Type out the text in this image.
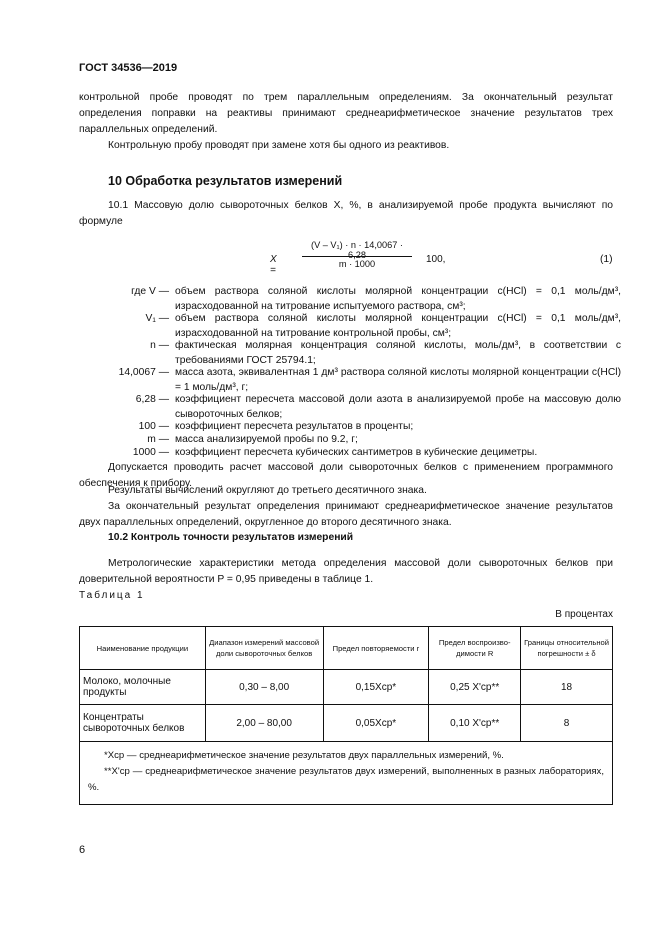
ГОСТ 34536—2019
контрольной пробе проводят по трем параллельным определениям. За окончательный результат определения поправки на реактивы принимают среднеарифметическое значение результатов трех параллельных определений.
Контрольную пробу проводят при замене хотя бы одного из реактивов.
10 Обработка результатов измерений
10.1 Массовую долю сывороточных белков X, %, в анализируемой пробе продукта вычисляют по формуле
X =
(V – V₁) · n · 14,0067 · 6,28
m · 1000	100,	(1)
где V — объем раствора соляной кислоты молярной концентрации c(HCl) = 0,1 моль/дм³, израсходованной на титрование испытуемого раствора, см³;
V₁ — объем раствора соляной кислоты молярной концентрации c(HCl) = 0,1 моль/дм³, израсходованной на титрование контрольной пробы, см³;
n — фактическая молярная концентрация соляной кислоты, моль/дм³, в соответствии с требованиями ГОСТ 25794.1;
14,0067 — масса азота, эквивалентная 1 дм³ раствора соляной кислоты молярной концентрации c(HCl) = 1 моль/дм³, г;
6,28 — коэффициент пересчета массовой доли азота в анализируемой пробе на массовую долю сывороточных белков;
100 — коэффициент пересчета результатов в проценты;
m — масса анализируемой пробы по 9.2, г;
1000 — коэффициент пересчета кубических сантиметров в кубические дециметры.
Допускается проводить расчет массовой доли сывороточных белков с применением программного обеспечения к прибору.
Результаты вычислений округляют до третьего десятичного знака.
За окончательный результат определения принимают среднеарифметическое значение результатов двух параллельных определений, округленное до второго десятичного знака.
10.2 Контроль точности результатов измерений
Метрологические характеристики метода определения массовой доли сывороточных белков при доверительной вероятности P = 0,95 приведены в таблице 1.
Таблица 1
В процентах
Наименование продукции	Диапазон измерений массовой доли сывороточных белков	Предел повторяемости r	Предел воспроизво-димости R	Границы относительной погрешности ± δ
Молоко, молочные продукты	0,30 – 8,00	0,15Xср*	0,25 X'ср**	18
Концентраты сывороточных белков	2,00 – 80,00	0,05Xср*	0,10 X'ср**	8

*Xср — среднеарифметическое значение результатов двух параллельных измерений, %.
**X'ср — среднеарифметическое значение результатов двух измерений, выполненных в разных лабораториях, %.				
6
